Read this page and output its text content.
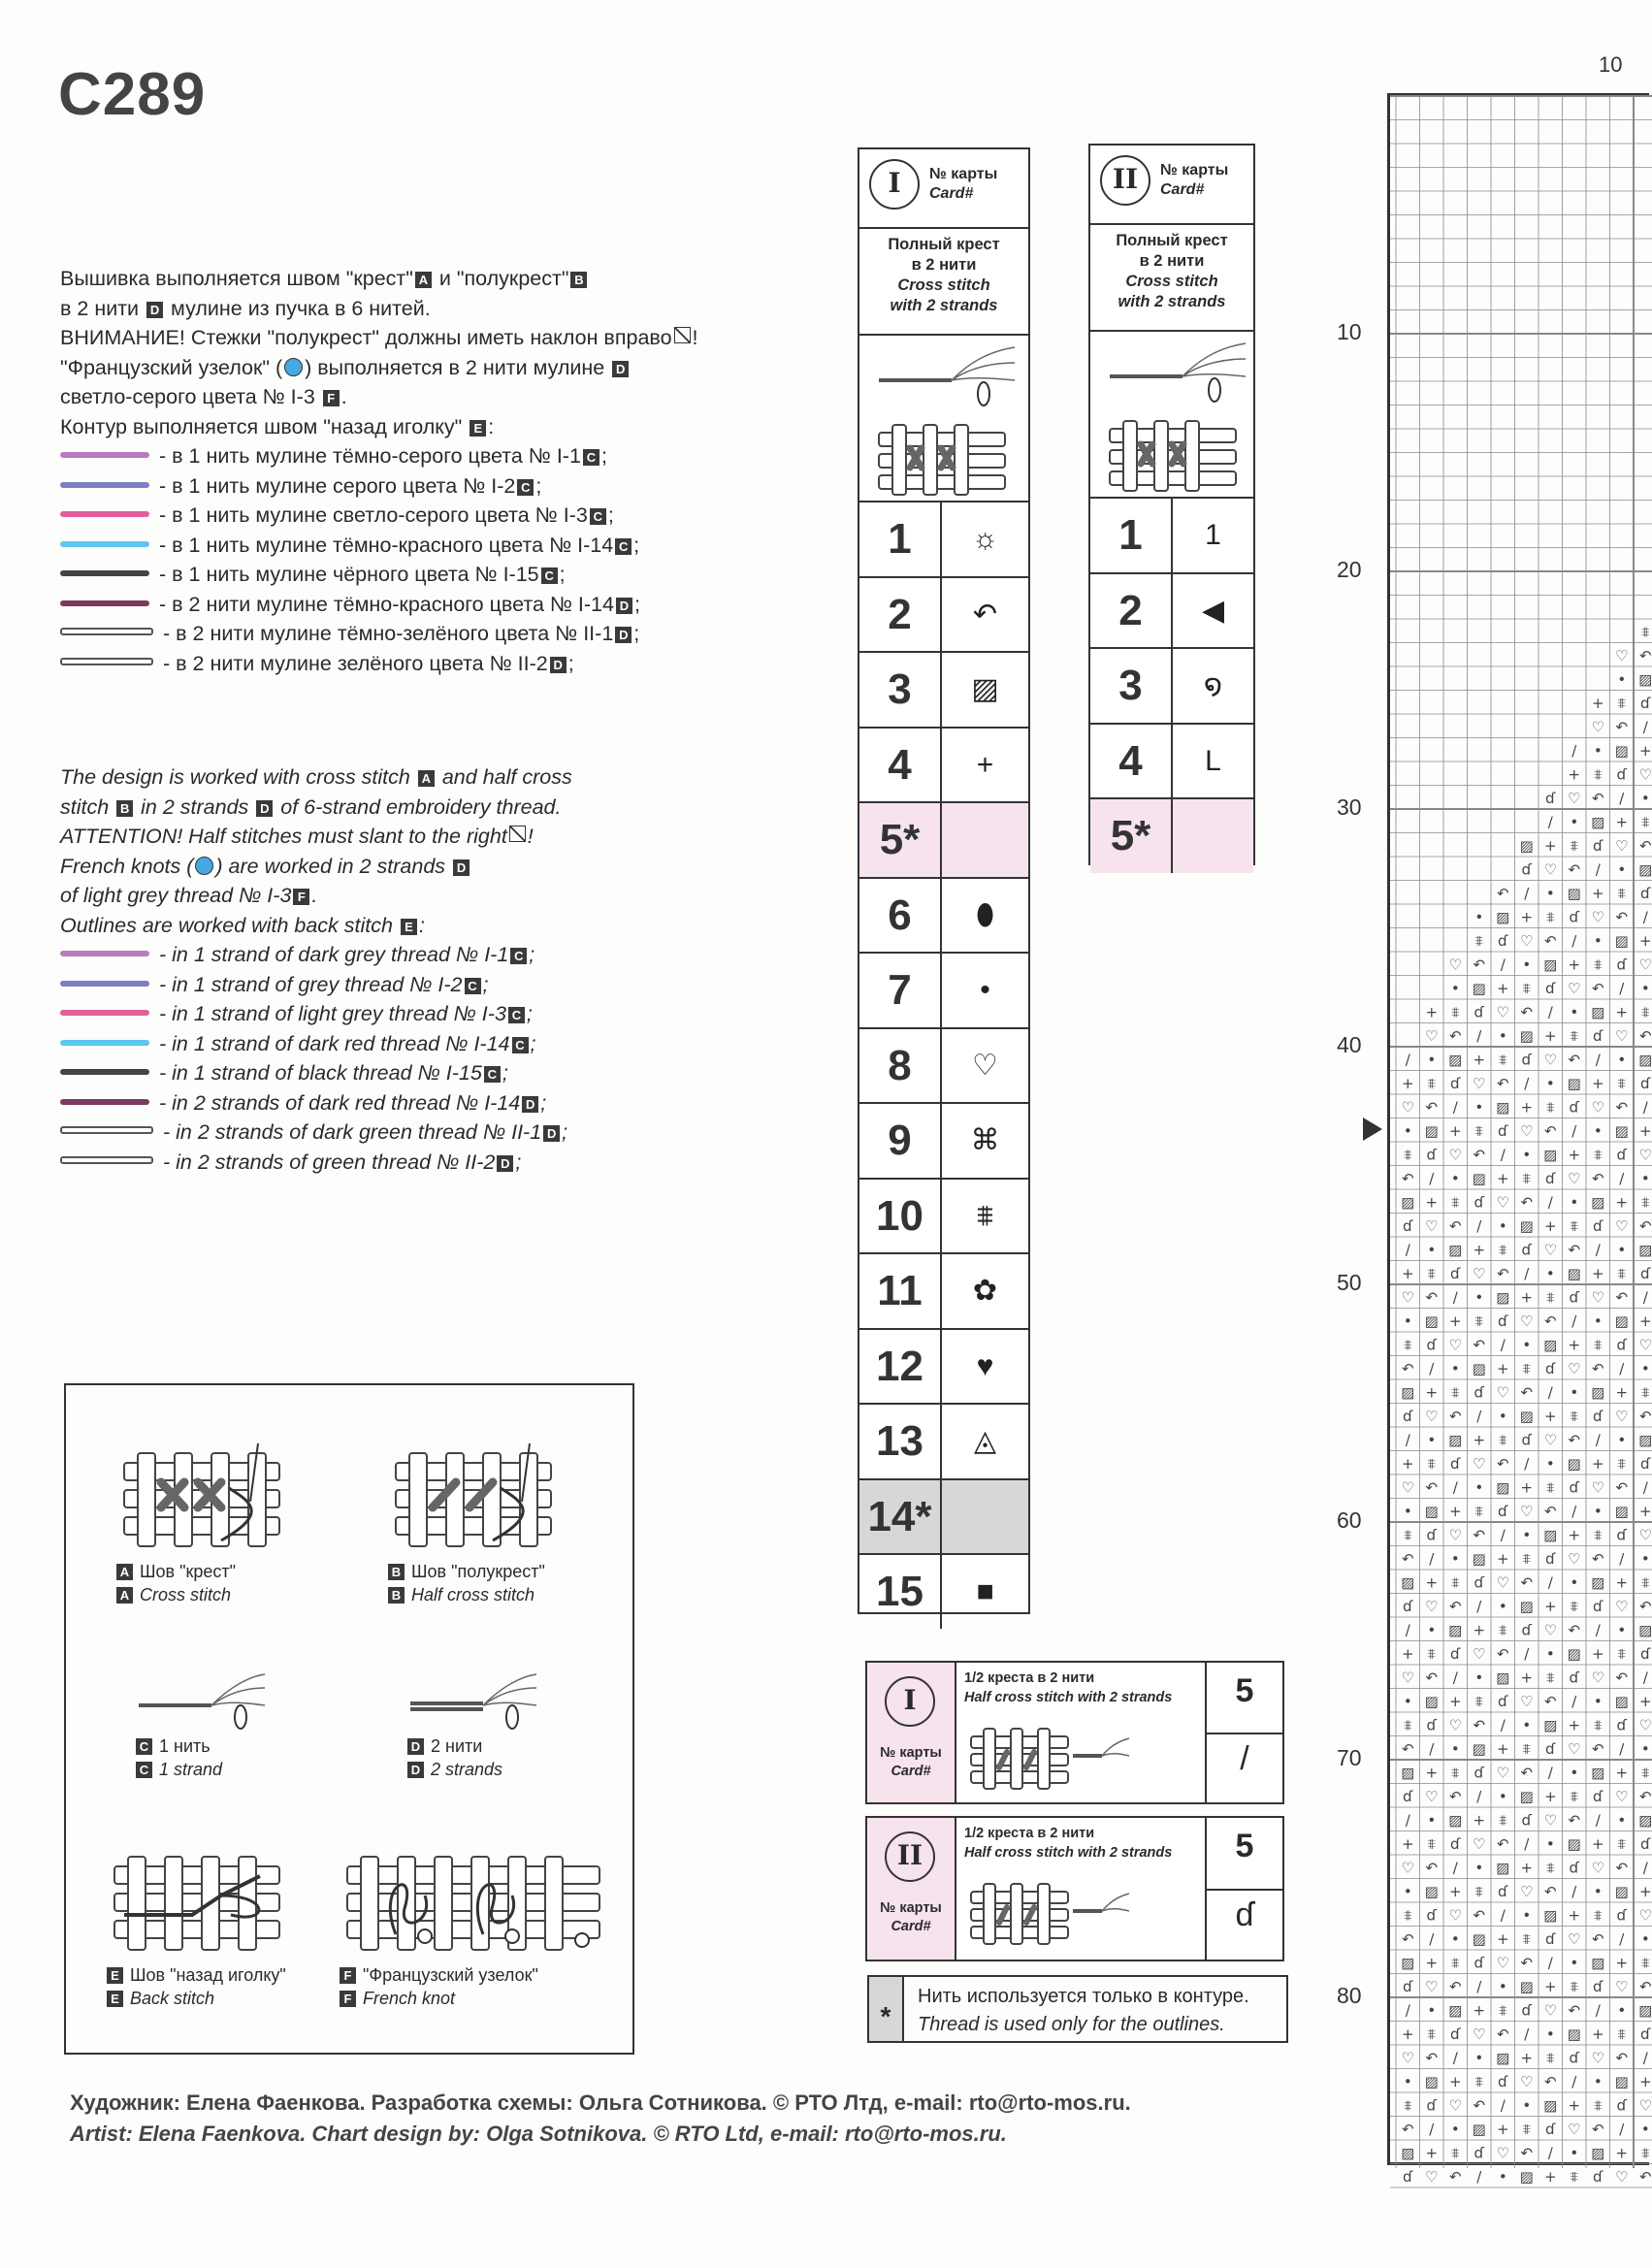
С289	10
Вышивка выполняется швом "крест" A и "полукрест" B
в 2 нити D мулине из пучка в 6 нитей.
ВНИМАНИЕ! Стежки "полукрест" должны иметь наклон вправо !
"Французский узелок" ( ) выполняется в 2 нити мулине D
светло-серого цвета № I-3 F .
Контур выполняется швом "назад иголку" E :
- в 1 нить мулине тёмно-серого цвета № I-1 C ;
- в 1 нить мулине серого цвета № I-2 C ;
- в 1 нить мулине светло-серого цвета № I-3 C ;
- в 1 нить мулине тёмно-красного цвета № I-14 C ;
- в 1 нить мулине чёрного цвета № I-15 C ;
- в 2 нити мулине тёмно-красного цвета № I-14 D ;
- в 2 нити мулине тёмно-зелёного цвета № II-1 D ;
- в 2 нити мулине зелёного цвета № II-2 D ;
The design is worked with cross stitch A and half cross
stitch B in 2 strands D of 6-strand embroidery thread.
ATTENTION! Half stitches must slant to the right !
French knots ( ) are worked in 2 strands D
of light grey thread № I-3 F .
Outlines are worked with back stitch E :
- in 1 strand of dark grey thread № I-1 C ;
- in 1 strand of grey thread № I-2 C ;
- in 1 strand of light grey thread № I-3 C ;
- in 1 strand of dark red thread № I-14 C ;
- in 1 strand of black thread № I-15 C ;
- in 2 strands of dark red thread № I-14 D ;
- in 2 strands of dark green thread № II-1 D ;
- in 2 strands of green thread № II-2 D ;
A Шов "крест"
A Cross stitch
B Шов "полукрест"
B Half cross stitch
C 1 нить
C 1 strand
D 2 нити
D 2 strands
E Шов "назад иголку"
E Back stitch
F "Французский узелок"
F French knot
I	№ карты
Card#
Полный крест
в 2 нити
Cross stitch
with 2 strands
1	☼
2	↶
3	▨
4	+
5*
6	⬮
7	•
8	♡
9	⌘
10	⩨
11	✿
12	♥
13	◬
14*
15	■
II	№ карты
Card#
Полный крест
в 2 нити
Cross stitch
with 2 strands
1	1
2	◀
3	໑
4	L
5*
I
№ карты
Card#
1/2 креста в 2 нити
Half cross stitch with 2 strands	5
/
II
№ карты
Card#
1/2 креста в 2 нити
Half cross stitch with 2 strands	5
ɗ
*
Нить используется только в контуре.
Thread is used only for the outlines.
Художник: Елена Фаенкова. Разработка схемы: Ольга Сотникова. © РТО Лтд, e-mail: rto@rto-mos.ru.
Artist: Elena Faenkova. Chart design by: Olga Sotnikova. © RTO Ltd, e-mail: rto@rto-mos.ru.
⩨
♡ ↶
• ▨
+ ⩨ ɗ
♡ ↶ /
/ • ▨ +
+ ⩨ ɗ ♡
ɗ ♡ ↶ / •
/ • ▨ + ⩨
▨ + ⩨ ɗ ♡ ↶
ɗ ♡ ↶ / • ▨
↶ / • ▨ + ⩨ ɗ
• ▨ + ⩨ ɗ ♡ ↶ /
⩨ ɗ ♡ ↶ / • ▨ +
♡ ↶ / • ▨ + ⩨ ɗ ♡
• ▨ + ⩨ ɗ ♡ ↶ / •
+ ⩨ ɗ ♡ ↶ / • ▨ + ⩨
♡ ↶ / • ▨ + ⩨ ɗ ♡ ↶
/ • ▨ + ⩨ ɗ ♡ ↶ / • ▨
+ ⩨ ɗ ♡ ↶ / • ▨ + ⩨ ɗ
♡ ↶ / • ▨ + ⩨ ɗ ♡ ↶ /
• ▨ + ⩨ ɗ ♡ ↶ / • ▨ +
⩨ ɗ ♡ ↶ / • ▨ + ⩨ ɗ ♡
↶ / • ▨ + ⩨ ɗ ♡ ↶ / •
▨ + ⩨ ɗ ♡ ↶ / • ▨ + ⩨
ɗ ♡ ↶ / • ▨ + ⩨ ɗ ♡ ↶
/ • ▨ + ⩨ ɗ ♡ ↶ / • ▨
+ ⩨ ɗ ♡ ↶ / • ▨ + ⩨ ɗ
♡ ↶ / • ▨ + ⩨ ɗ ♡ ↶ /
• ▨ + ⩨ ɗ ♡ ↶ / • ▨ +
⩨ ɗ ♡ ↶ / • ▨ + ⩨ ɗ ♡
↶ / • ▨ + ⩨ ɗ ♡ ↶ / •
▨ + ⩨ ɗ ♡ ↶ / • ▨ + ⩨
ɗ ♡ ↶ / • ▨ + ⩨ ɗ ♡ ↶
/ • ▨ + ⩨ ɗ ♡ ↶ / • ▨
+ ⩨ ɗ ♡ ↶ / • ▨ + ⩨ ɗ
♡ ↶ / • ▨ + ⩨ ɗ ♡ ↶ /
• ▨ + ⩨ ɗ ♡ ↶ / • ▨ +
⩨ ɗ ♡ ↶ / • ▨ + ⩨ ɗ ♡
↶ / • ▨ + ⩨ ɗ ♡ ↶ / •
▨ + ⩨ ɗ ♡ ↶ / • ▨ + ⩨
ɗ ♡ ↶ / • ▨ + ⩨ ɗ ♡ ↶
/ • ▨ + ⩨ ɗ ♡ ↶ / • ▨
+ ⩨ ɗ ♡ ↶ / • ▨ + ⩨ ɗ
♡ ↶ / • ▨ + ⩨ ɗ ♡ ↶ /
• ▨ + ⩨ ɗ ♡ ↶ / • ▨ +
⩨ ɗ ♡ ↶ / • ▨ + ⩨ ɗ ♡
↶ / • ▨ + ⩨ ɗ ♡ ↶ / •
▨ + ⩨ ɗ ♡ ↶ / • ▨ + ⩨
ɗ ♡ ↶ / • ▨ + ⩨ ɗ ♡ ↶
/ • ▨ + ⩨ ɗ ♡ ↶ / • ▨
+ ⩨ ɗ ♡ ↶ / • ▨ + ⩨ ɗ
♡ ↶ / • ▨ + ⩨ ɗ ♡ ↶ /
• ▨ + ⩨ ɗ ♡ ↶ / • ▨ +
⩨ ɗ ♡ ↶ / • ▨ + ⩨ ɗ ♡
↶ / • ▨ + ⩨ ɗ ♡ ↶ / •
▨ + ⩨ ɗ ♡ ↶ / • ▨ + ⩨
ɗ ♡ ↶ / • ▨ + ⩨ ɗ ♡ ↶
/ • ▨ + ⩨ ɗ ♡ ↶ / • ▨
+ ⩨ ɗ ♡ ↶ / • ▨ + ⩨ ɗ
♡ ↶ / • ▨ + ⩨ ɗ ♡ ↶ /
• ▨ + ⩨ ɗ ♡ ↶ / • ▨ +
⩨ ɗ ♡ ↶ / • ▨ + ⩨ ɗ ♡
↶ / • ▨ + ⩨ ɗ ♡ ↶ / •
▨ + ⩨ ɗ ♡ ↶ / • ▨ + ⩨
ɗ ♡ ↶ / • ▨ + ⩨ ɗ ♡ ↶
10
20
30
40
50
60
70
80
